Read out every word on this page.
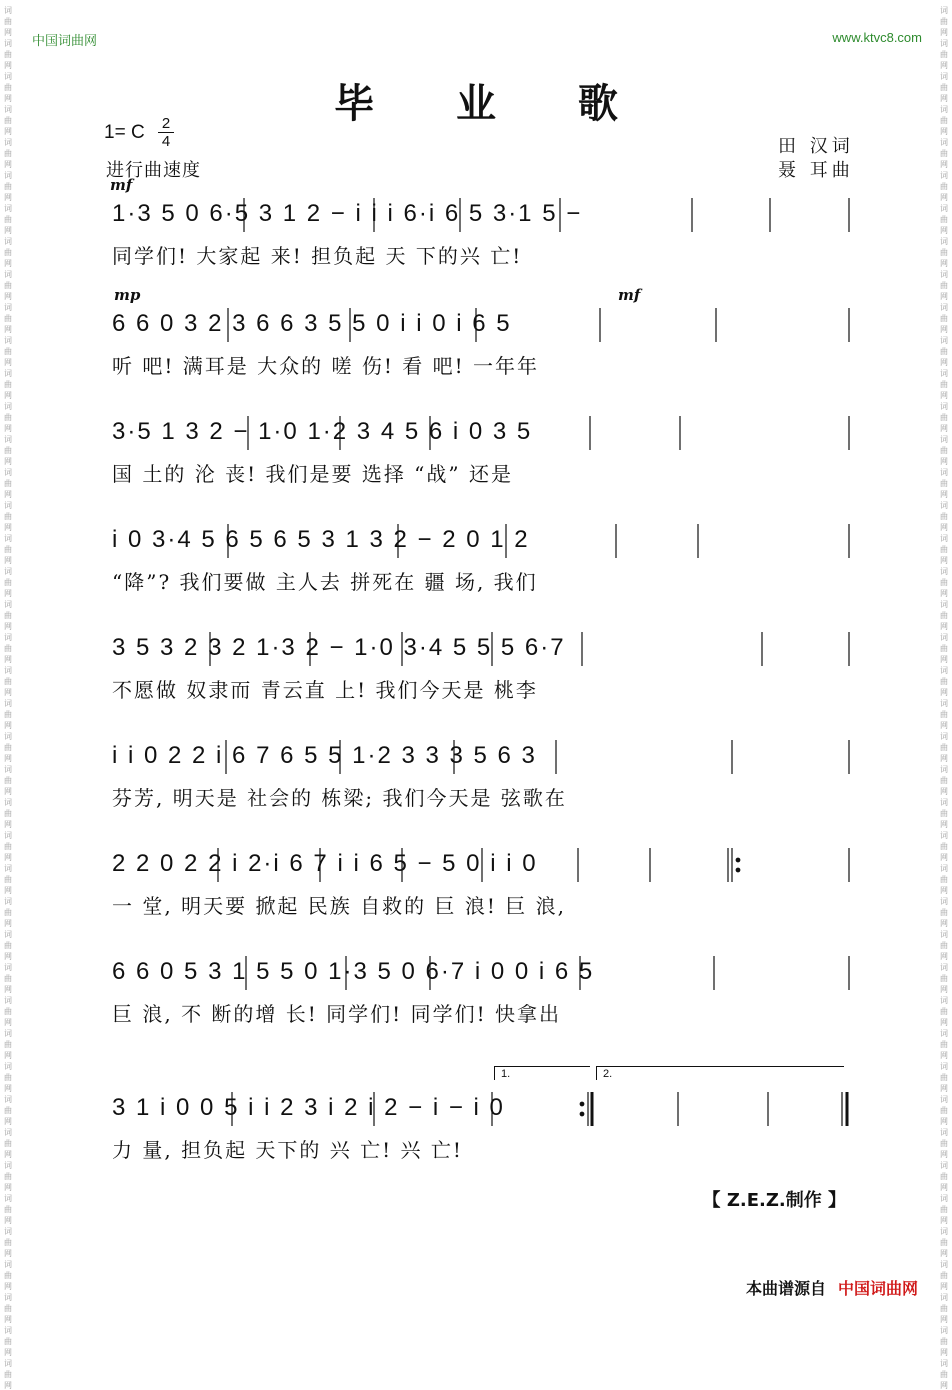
词
曲
网
词
曲
网
词
曲
网
词
曲
网
词
曲
网
词
曲
网
词
曲
网
词
曲
网
词
曲
网
词
曲
网
词
曲
网
词
曲
网
词
曲
网
词
曲
网
词
曲
网
词
曲
网
词
曲
网
词
曲
网
词
曲
网
词
曲
网
词
曲
网
词
曲
网
词
曲
网
词
曲
网
词
曲
网
词
曲
网
词
曲
网
词
曲
网
词
曲
网
词
曲
网
词
曲
网
词
曲
网
词
曲
网
词
曲
网
词
曲
网
词
曲
网
词
曲
网
词
曲
网
词
曲
网
词
曲
网
词
曲
网
词
曲
网
词
曲
网
词
曲
网
词
曲
网
词
曲
网
词
曲
网
词
曲
网
词
曲
网
词
曲
网
词
曲
网
词
曲
网
词
曲
网
词
曲
网
词
曲
网
词
曲
网
词
曲
网
词
曲
网
词
曲
网
词
曲
网
词
曲
网
词
曲
网
词
曲
网
词
曲
网
词
曲
网
词
曲
网
词
曲
网
词
曲
网
词
曲
网
词
曲
网
词
曲
网
词
曲
网
词
曲
网
词
曲
网
词
曲
网
词
曲
网
词
曲
网
词
曲
网
词
曲
网
词
曲
网
词
曲
网
词
曲
网
词
曲
网
词
曲
网
中国词曲网	www.ktvc8.com
毕 业 歌
1= C 2
4
进行曲速度
田 汉词
聂 耳曲
mf
1·3 5 0 6·5 3 1 2 − i i i 6·i 6 5 3·1 5 −
同学们! 大家起 来! 担负起 天 下的兴 亡!
mp	mf
6 6 0 3 2 3 6 6 3 5 5 0 i i 0 i 6 5
听 吧! 满耳是 大众的 嗟 伤! 看 吧! 一年年
3·5 1 3 2 − 1·0 1·2 3 4 5 6 i 0 3 5
国 土的 沦 丧! 我们是要 选择 “战” 还是
i 0 3·4 5 6 5 6 5 3 1 3 2 − 2 0 1 2
“降”? 我们要做 主人去 拼死在 疆 场, 我们
3 5 3 2 3 2 1·3 2 − 1·0 3·4 5 5 5 6·7
不愿做 奴隶而 青云直 上! 我们今天是 桃李
i i 0 2 2 i 6 7 6 5 5 1·2 3 3 3 5 6 3
芬芳, 明天是 社会的 栋梁; 我们今天是 弦歌在
2 2 0 2 2 i 2·i 6 7 i i 6 5 − 5 0 i i 0
一 堂, 明天要 掀起 民族 自救的 巨 浪! 巨 浪,
6 6 0 5 3 1 5 5 0 1·3 5 0 6·7 i 0 0 i 6 5
巨 浪, 不 断的增 长! 同学们! 同学们! 快拿出
1.	2.
3 1 i 0 0 5 i i 2 3 i 2 i 2 − i − i 0
力 量, 担负起 天下的 兴 亡! 兴 亡!
【 Z.E.Z.制作 】
本曲谱源自 中国词曲网
